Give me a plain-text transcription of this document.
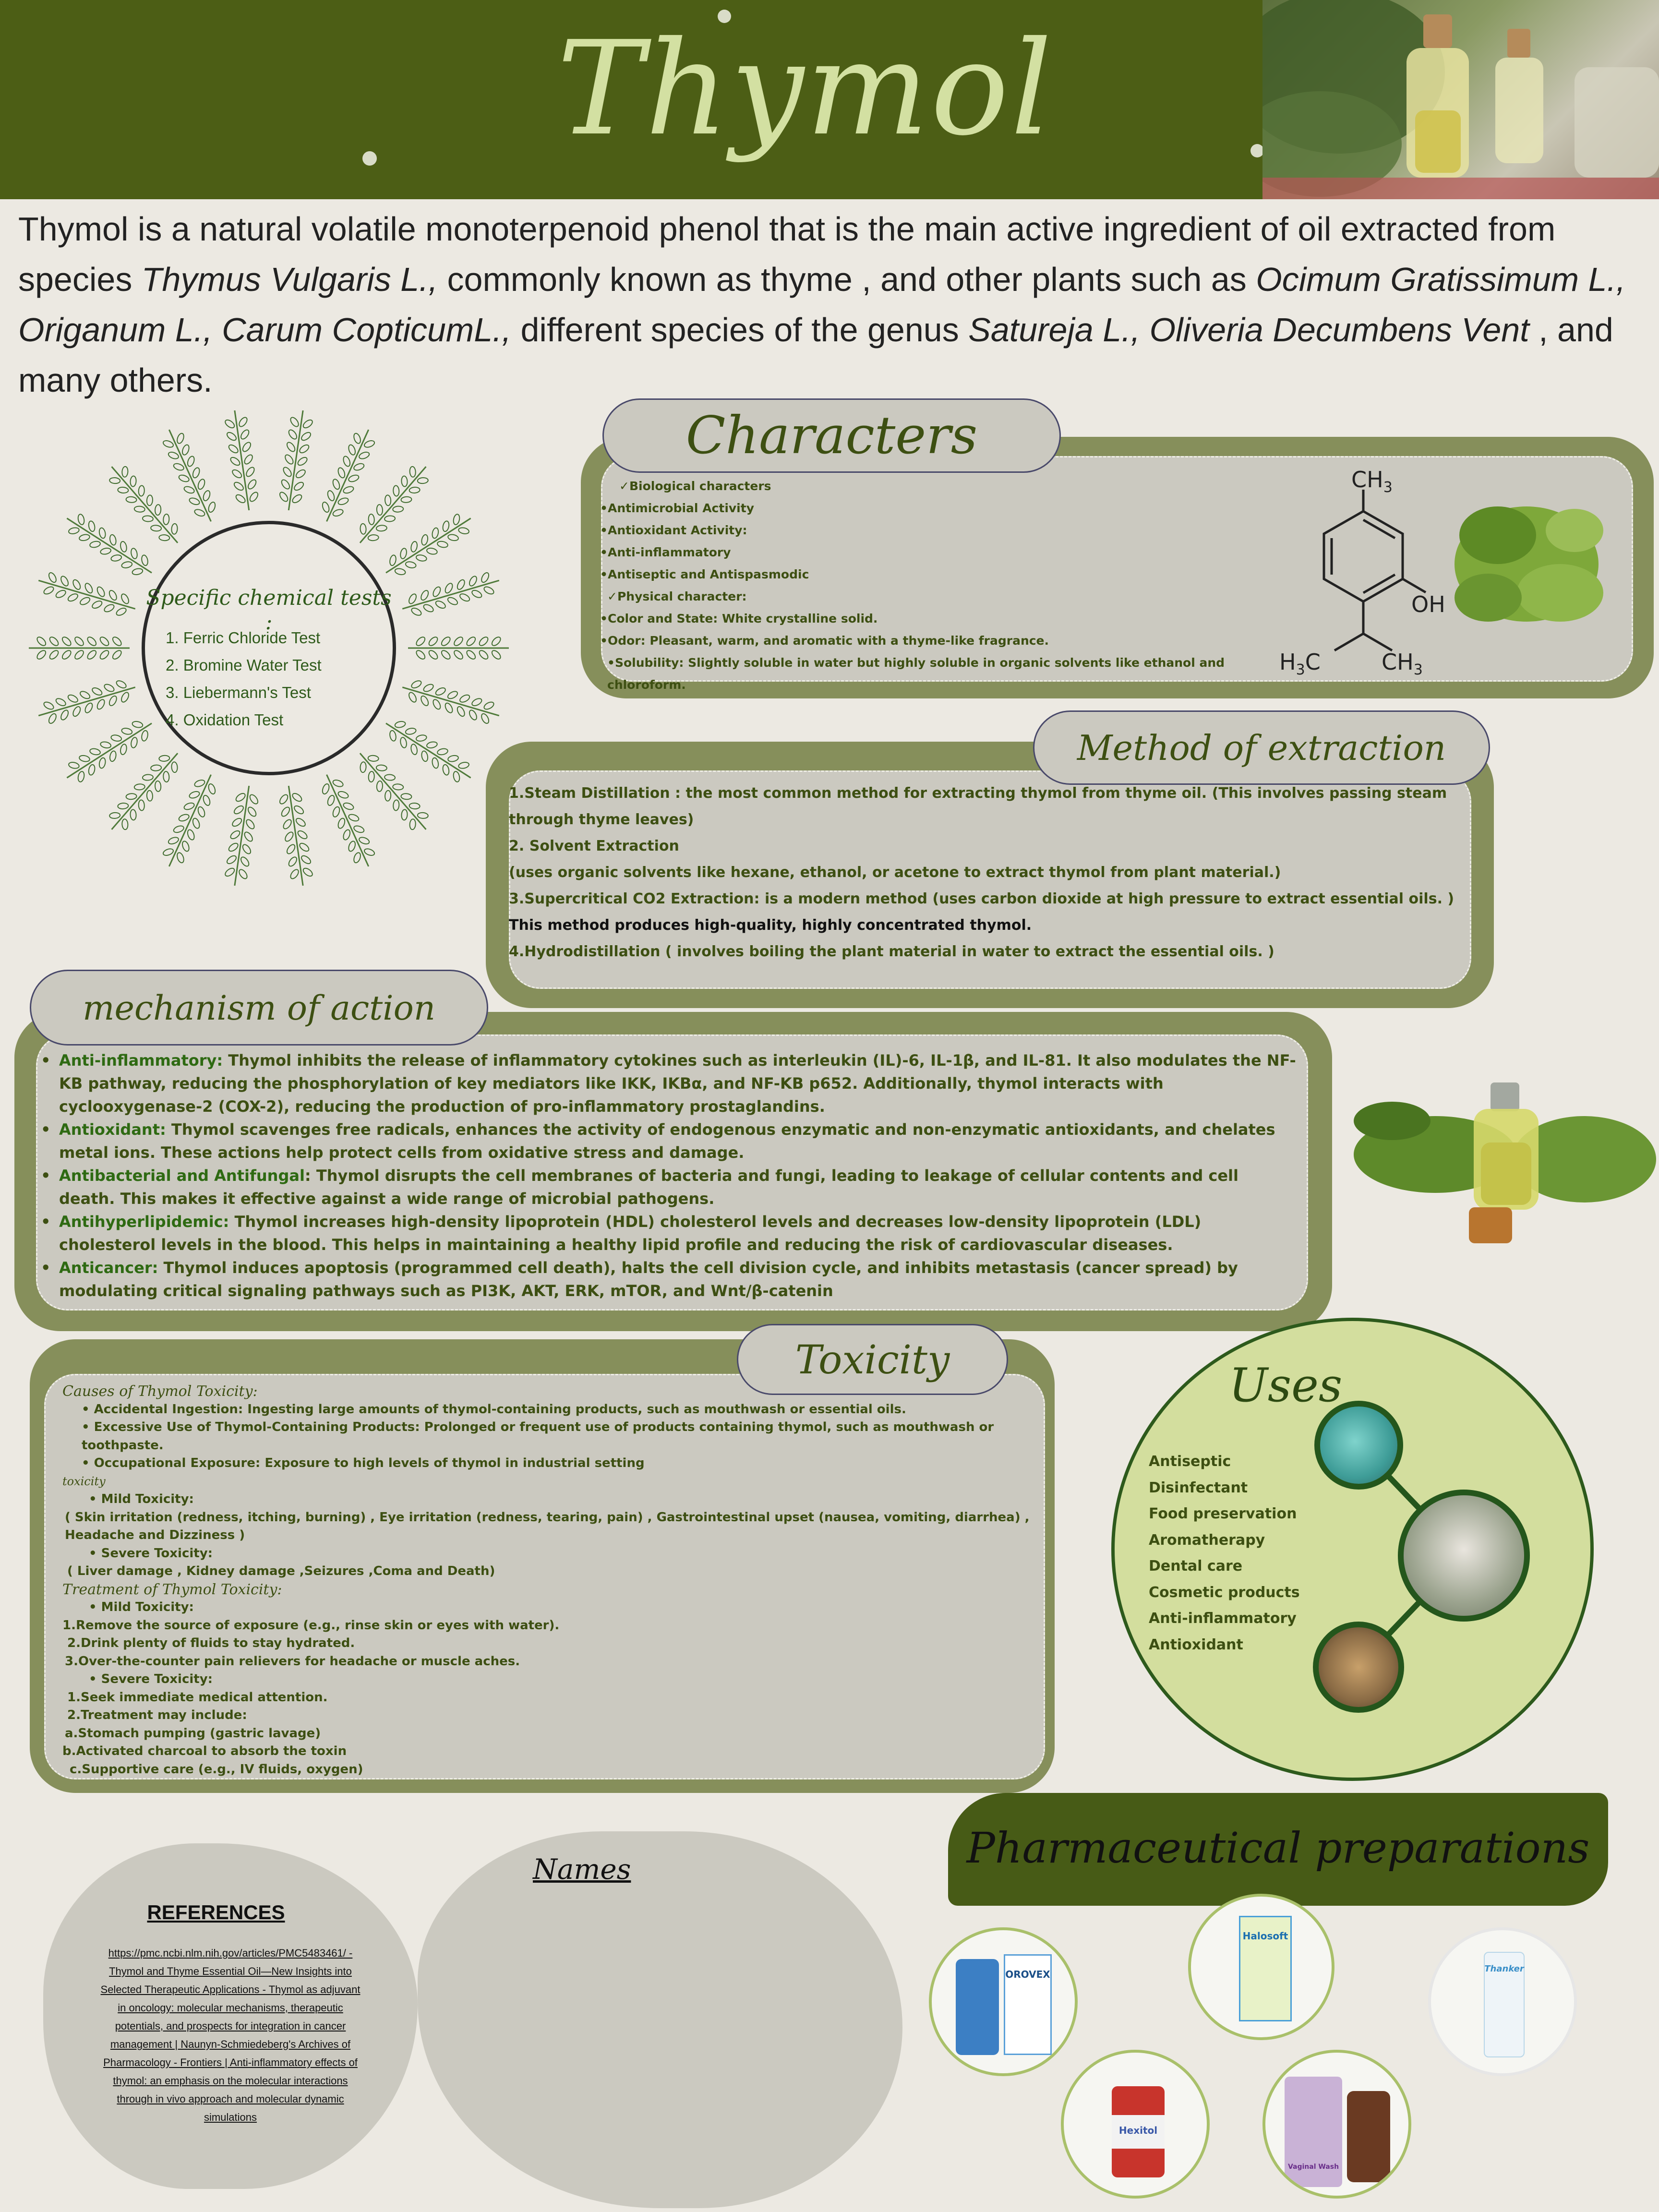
Thymol
Thymol is a natural volatile monoterpenoid phenol that is the main active ingredient of oil extracted from species Thymus Vulgaris L., commonly known as thyme , and other plants such as Ocimum Gratissimum L., Origanum L., Carum CopticumL., different species of the genus Satureja L., Oliveria Decumbens Vent , and many others.
Specific chemical tests :
1. Ferric Chloride Test
2. Bromine Water Test
3. Liebermann's Test
4. Oxidation Test
Characters
✓Biological characters
•Antimicrobial Activity
•Antioxidant Activity:
•Anti-inflammatory
•Antiseptic and Antispasmodic
✓Physical character:
•Color and State: White crystalline solid.
•Odor: Pleasant, warm, and aromatic with a thyme-like fragrance.
•Solubility: Slightly soluble in water but highly soluble in organic solvents like ethanol and chloroform.
$CH_3$
OH
$H_3C$	$CH_3$
Method of extraction
1.Steam Distillation : the most common method for extracting thymol from thyme oil. (This involves passing steam through thyme leaves)
2. Solvent Extraction
(uses organic solvents like hexane, ethanol, or acetone to extract thymol from plant material.)
3.Supercritical CO2 Extraction: is a modern method (uses carbon dioxide at high pressure to extract essential oils. ) This method produces high-quality, highly concentrated thymol.
4.Hydrodistillation ( involves boiling the plant material in water to extract the essential oils. )
mechanism of action
• Anti-inflammatory: Thymol inhibits the release of inflammatory cytokines such as interleukin (IL)-6, IL-1β, and IL-81. It also modulates the NF-KB pathway, reducing the phosphorylation of key mediators like IKK, IKBα, and NF-KB p652. Additionally, thymol interacts with cyclooxygenase-2 (COX-2), reducing the production of pro-inflammatory prostaglandins.
• Antioxidant: Thymol scavenges free radicals, enhances the activity of endogenous enzymatic and non-enzymatic antioxidants, and chelates metal ions. These actions help protect cells from oxidative stress and damage.
• Antibacterial and Antifungal: Thymol disrupts the cell membranes of bacteria and fungi, leading to leakage of cellular contents and cell death. This makes it effective against a wide range of microbial pathogens.
• Antihyperlipidemic: Thymol increases high-density lipoprotein (HDL) cholesterol levels and decreases low-density lipoprotein (LDL) cholesterol levels in the blood. This helps in maintaining a healthy lipid profile and reducing the risk of cardiovascular diseases.
• Anticancer: Thymol induces apoptosis (programmed cell death), halts the cell division cycle, and inhibits metastasis (cancer spread) by modulating critical signaling pathways such as PI3K, AKT, ERK, mTOR, and Wnt/β-catenin
Toxicity
Causes of Thymol Toxicity:
• Accidental Ingestion: Ingesting large amounts of thymol-containing products, such as mouthwash or essential oils.
• Excessive Use of Thymol-Containing Products: Prolonged or frequent use of products containing thymol, such as mouthwash or toothpaste.
• Occupational Exposure: Exposure to high levels of thymol in industrial setting
toxicity
• Mild Toxicity:
( Skin irritation (redness, itching, burning) , Eye irritation (redness, tearing, pain) , Gastrointestinal upset (nausea, vomiting, diarrhea) , Headache and Dizziness )
• Severe Toxicity:
( Liver damage , Kidney damage ,Seizures ,Coma and Death)
Treatment of Thymol Toxicity:
• Mild Toxicity:
1.Remove the source of exposure (e.g., rinse skin or eyes with water).
2.Drink plenty of fluids to stay hydrated.
3.Over-the-counter pain relievers for headache or muscle aches.
• Severe Toxicity:
1.Seek immediate medical attention.
2.Treatment may include:
a.Stomach pumping (gastric lavage)
b.Activated charcoal to absorb the toxin
c.Supportive care (e.g., IV fluids, oxygen)
Uses
Antiseptic
Disinfectant
Food preservation
Aromatherapy
Dental care
Cosmetic products
Anti-inflammatory
Antioxidant
Pharmaceutical preparations
OROVEX
Halosoft
Thanker
Hexitol
Vaginal Wash
REFERENCES
https://pmc.ncbi.nlm.nih.gov/articles/PMC5483461/ - Thymol and Thyme Essential Oil—New Insights into Selected Therapeutic Applications - Thymol as adjuvant in oncology: molecular mechanisms, therapeutic potentials, and prospects for integration in cancer management | Naunyn-Schmiedeberg's Archives of Pharmacology - Frontiers | Anti-inflammatory effects of thymol: an emphasis on the molecular interactions through in vivo approach and molecular dynamic simulations
Names
